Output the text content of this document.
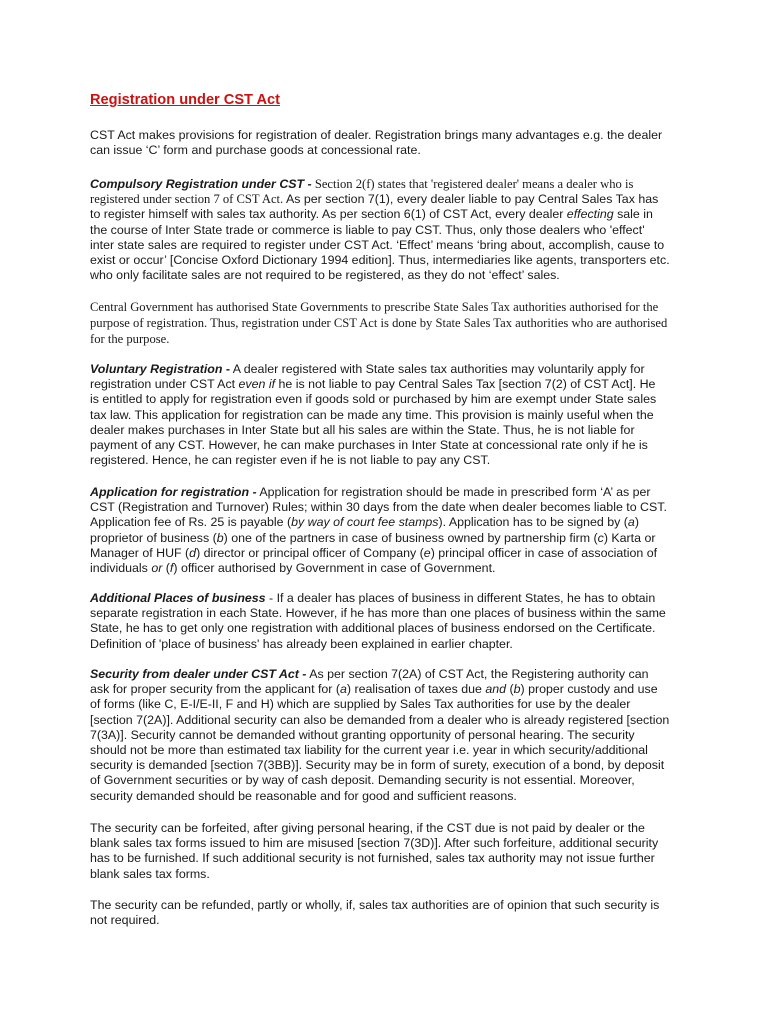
Registration under CST Act
CST Act makes provisions for registration of dealer. Registration brings many advantages e.g. the dealer
can issue ‘C’ form and purchase goods at concessional rate.
Compulsory Registration under CST - Section 2(f) states that 'registered dealer' means a dealer who is
registered under section 7 of CST Act. As per section 7(1), every dealer liable to pay Central Sales Tax has
to register himself with sales tax authority. As per section 6(1) of CST Act, every dealer effecting sale in
the course of Inter State trade or commerce is liable to pay CST. Thus, only those dealers who 'effect'
inter state sales are required to register under CST Act. ‘Effect’ means ‘bring about, accomplish, cause to
exist or occur’ [Concise Oxford Dictionary 1994 edition]. Thus, intermediaries like agents, transporters etc.
who only facilitate sales are not required to be registered, as they do not ‘effect’ sales.
Central Government has authorised State Governments to prescribe State Sales Tax authorities authorised for the
purpose of registration. Thus, registration under CST Act is done by State Sales Tax authorities who are authorised
for the purpose.
Voluntary Registration - A dealer registered with State sales tax authorities may voluntarily apply for
registration under CST Act even if he is not liable to pay Central Sales Tax [section 7(2) of CST Act]. He
is entitled to apply for registration even if goods sold or purchased by him are exempt under State sales
tax law. This application for registration can be made any time. This provision is mainly useful when the
dealer makes purchases in Inter State but all his sales are within the State. Thus, he is not liable for
payment of any CST. However, he can make purchases in Inter State at concessional rate only if he is
registered. Hence, he can register even if he is not liable to pay any CST.
Application for registration - Application for registration should be made in prescribed form ‘A’ as per
CST (Registration and Turnover) Rules; within 30 days from the date when dealer becomes liable to CST.
Application fee of Rs. 25 is payable (by way of court fee stamps). Application has to be signed by (a)
proprietor of business (b) one of the partners in case of business owned by partnership firm (c) Karta or
Manager of HUF (d) director or principal officer of Company (e) principal officer in case of association of
individuals or (f) officer authorised by Government in case of Government.
Additional Places of business - If a dealer has places of business in different States, he has to obtain
separate registration in each State. However, if he has more than one places of business within the same
State, he has to get only one registration with additional places of business endorsed on the Certificate.
Definition of 'place of business' has already been explained in earlier chapter.
Security from dealer under CST Act - As per section 7(2A) of CST Act, the Registering authority can
ask for proper security from the applicant for (a) realisation of taxes due and (b) proper custody and use
of forms (like C, E-I/E-II, F and H) which are supplied by Sales Tax authorities for use by the dealer
[section 7(2A)]. Additional security can also be demanded from a dealer who is already registered [section
7(3A)]. Security cannot be demanded without granting opportunity of personal hearing. The security
should not be more than estimated tax liability for the current year i.e. year in which security/additional
security is demanded [section 7(3BB)]. Security may be in form of surety, execution of a bond, by deposit
of Government securities or by way of cash deposit. Demanding security is not essential. Moreover,
security demanded should be reasonable and for good and sufficient reasons.
The security can be forfeited, after giving personal hearing, if the CST due is not paid by dealer or the
blank sales tax forms issued to him are misused [section 7(3D)]. After such forfeiture, additional security
has to be furnished. If such additional security is not furnished, sales tax authority may not issue further
blank sales tax forms.
The security can be refunded, partly or wholly, if, sales tax authorities are of opinion that such security is
not required.
